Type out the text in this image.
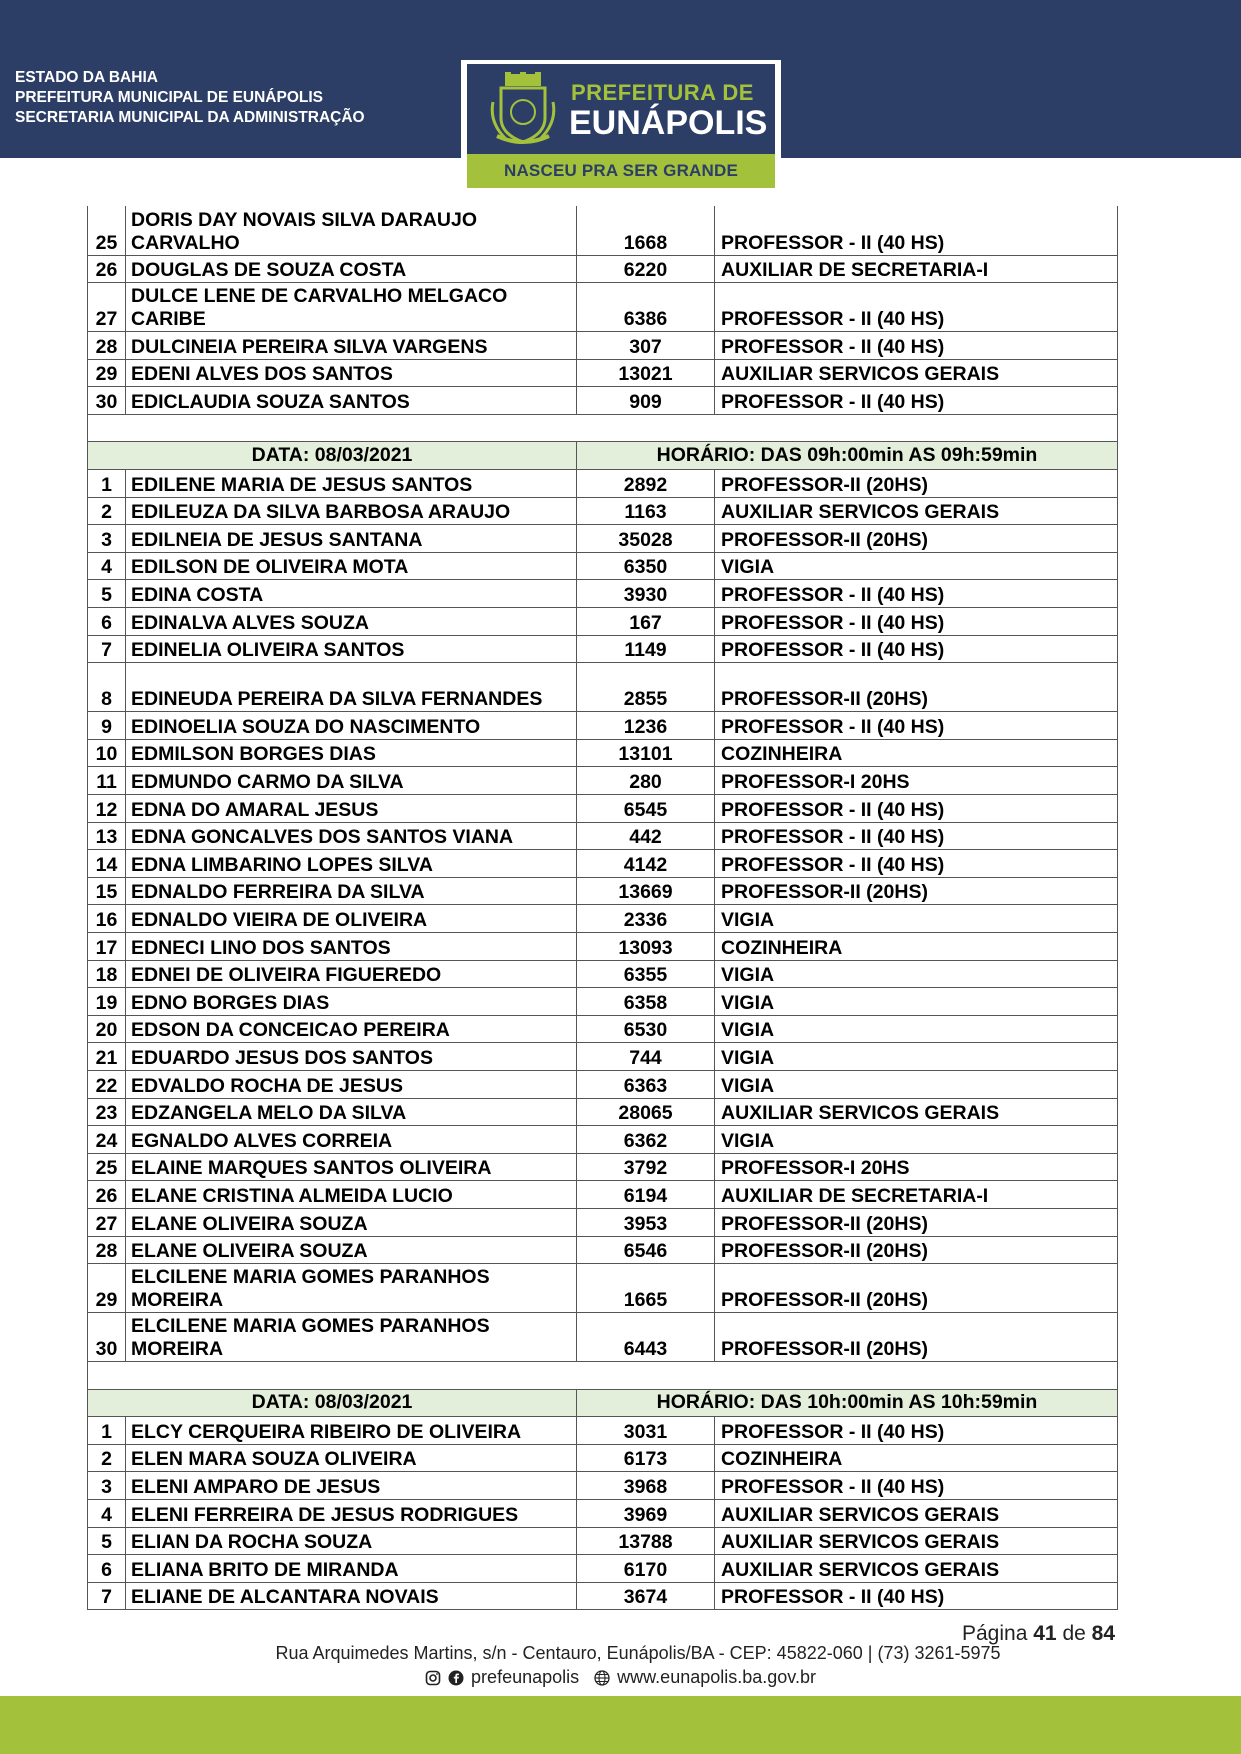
ESTADO DA BAHIA
PREFEITURA MUNICIPAL DE EUNÁPOLIS
SECRETARIA MUNICIPAL DA ADMINISTRAÇÃO
PREFEITURA DE
EUNÁPOLIS
NASCEU PRA SER GRANDE
25	DORIS DAY NOVAIS SILVA DARAUJO CARVALHO	1668	PROFESSOR - II (40 HS)
26	DOUGLAS DE SOUZA COSTA	6220	AUXILIAR DE SECRETARIA-I
27	DULCE LENE DE CARVALHO MELGACO CARIBE	6386	PROFESSOR - II (40 HS)
28	DULCINEIA PEREIRA SILVA VARGENS	307	PROFESSOR - II (40 HS)
29	EDENI ALVES DOS SANTOS	13021	AUXILIAR SERVICOS GERAIS
30	EDICLAUDIA SOUZA SANTOS	909	PROFESSOR - II (40 HS)

DATA: 08/03/2021		HORÁRIO: DAS 09h:00min AS 09h:59min	
1	EDILENE MARIA DE JESUS SANTOS	2892	PROFESSOR-II (20HS)
2	EDILEUZA DA SILVA BARBOSA ARAUJO	1163	AUXILIAR SERVICOS GERAIS
3	EDILNEIA DE JESUS SANTANA	35028	PROFESSOR-II (20HS)
4	EDILSON DE OLIVEIRA MOTA	6350	VIGIA
5	EDINA COSTA	3930	PROFESSOR - II (40 HS)
6	EDINALVA ALVES SOUZA	167	PROFESSOR - II (40 HS)
7	EDINELIA OLIVEIRA SANTOS	1149	PROFESSOR - II (40 HS)
8	EDINEUDA PEREIRA DA SILVA FERNANDES	2855	PROFESSOR-II (20HS)
9	EDINOELIA SOUZA DO NASCIMENTO	1236	PROFESSOR - II (40 HS)
10	EDMILSON BORGES DIAS	13101	COZINHEIRA
11	EDMUNDO CARMO DA SILVA	280	PROFESSOR-I 20HS
12	EDNA DO AMARAL JESUS	6545	PROFESSOR - II (40 HS)
13	EDNA GONCALVES DOS SANTOS VIANA	442	PROFESSOR - II (40 HS)
14	EDNA LIMBARINO LOPES SILVA	4142	PROFESSOR - II (40 HS)
15	EDNALDO FERREIRA DA SILVA	13669	PROFESSOR-II (20HS)
16	EDNALDO VIEIRA DE OLIVEIRA	2336	VIGIA
17	EDNECI LINO DOS SANTOS	13093	COZINHEIRA
18	EDNEI DE OLIVEIRA FIGUEREDO	6355	VIGIA
19	EDNO BORGES DIAS	6358	VIGIA
20	EDSON DA CONCEICAO PEREIRA	6530	VIGIA
21	EDUARDO JESUS DOS SANTOS	744	VIGIA
22	EDVALDO ROCHA DE JESUS	6363	VIGIA
23	EDZANGELA MELO DA SILVA	28065	AUXILIAR SERVICOS GERAIS
24	EGNALDO ALVES CORREIA	6362	VIGIA
25	ELAINE MARQUES SANTOS OLIVEIRA	3792	PROFESSOR-I 20HS
26	ELANE CRISTINA ALMEIDA LUCIO	6194	AUXILIAR DE SECRETARIA-I
27	ELANE OLIVEIRA SOUZA	3953	PROFESSOR-II (20HS)
28	ELANE OLIVEIRA SOUZA	6546	PROFESSOR-II (20HS)
29	ELCILENE MARIA GOMES PARANHOS MOREIRA	1665	PROFESSOR-II (20HS)
30	ELCILENE MARIA GOMES PARANHOS MOREIRA	6443	PROFESSOR-II (20HS)

DATA: 08/03/2021		HORÁRIO: DAS 10h:00min AS 10h:59min	
1	ELCY CERQUEIRA RIBEIRO DE OLIVEIRA	3031	PROFESSOR - II (40 HS)
2	ELEN MARA SOUZA OLIVEIRA	6173	COZINHEIRA
3	ELENI AMPARO DE JESUS	3968	PROFESSOR - II (40 HS)
4	ELENI FERREIRA DE JESUS RODRIGUES	3969	AUXILIAR SERVICOS GERAIS
5	ELIAN DA ROCHA SOUZA	13788	AUXILIAR SERVICOS GERAIS
6	ELIANA BRITO DE MIRANDA	6170	AUXILIAR SERVICOS GERAIS
7	ELIANE DE ALCANTARA NOVAIS	3674	PROFESSOR - II (40 HS)
Página 41 de 84
Rua Arquimedes Martins, s/n - Centauro, Eunápolis/BA - CEP: 45822-060 | (73) 3261-5975
prefeunapolis www.eunapolis.ba.gov.br
